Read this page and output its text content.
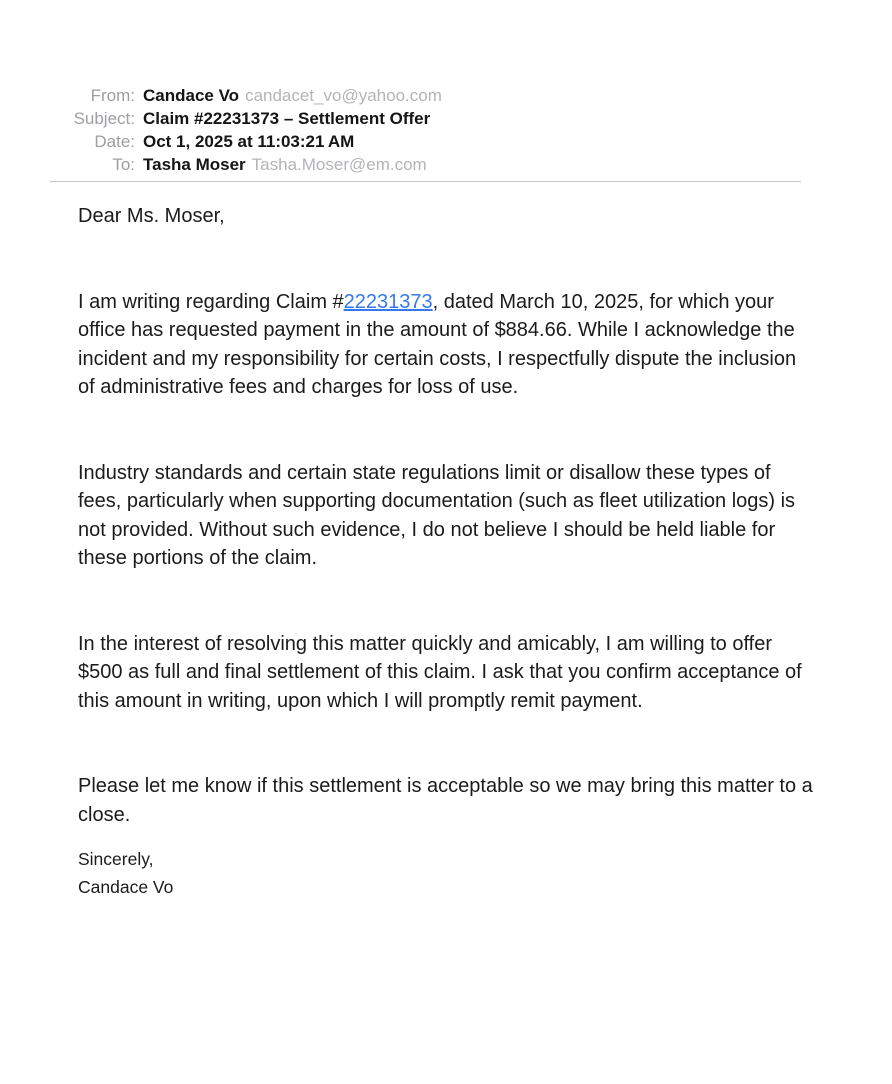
From: Candace Vo candacet_vo@yahoo.com
Subject: Claim #22231373 – Settlement Offer
Date: Oct 1, 2025 at 11:03:21 AM
To: Tasha Moser Tasha.Moser@em.com
Dear Ms. Moser,
I am writing regarding Claim #22231373, dated March 10, 2025, for which your office has requested payment in the amount of $884.66. While I acknowledge the incident and my responsibility for certain costs, I respectfully dispute the inclusion of administrative fees and charges for loss of use.
Industry standards and certain state regulations limit or disallow these types of fees, particularly when supporting documentation (such as fleet utilization logs) is not provided. Without such evidence, I do not believe I should be held liable for these portions of the claim.
In the interest of resolving this matter quickly and amicably, I am willing to offer $500 as full and final settlement of this claim. I ask that you confirm acceptance of this amount in writing, upon which I will promptly remit payment.
Please let me know if this settlement is acceptable so we may bring this matter to a close.
Sincerely,
Candace Vo
